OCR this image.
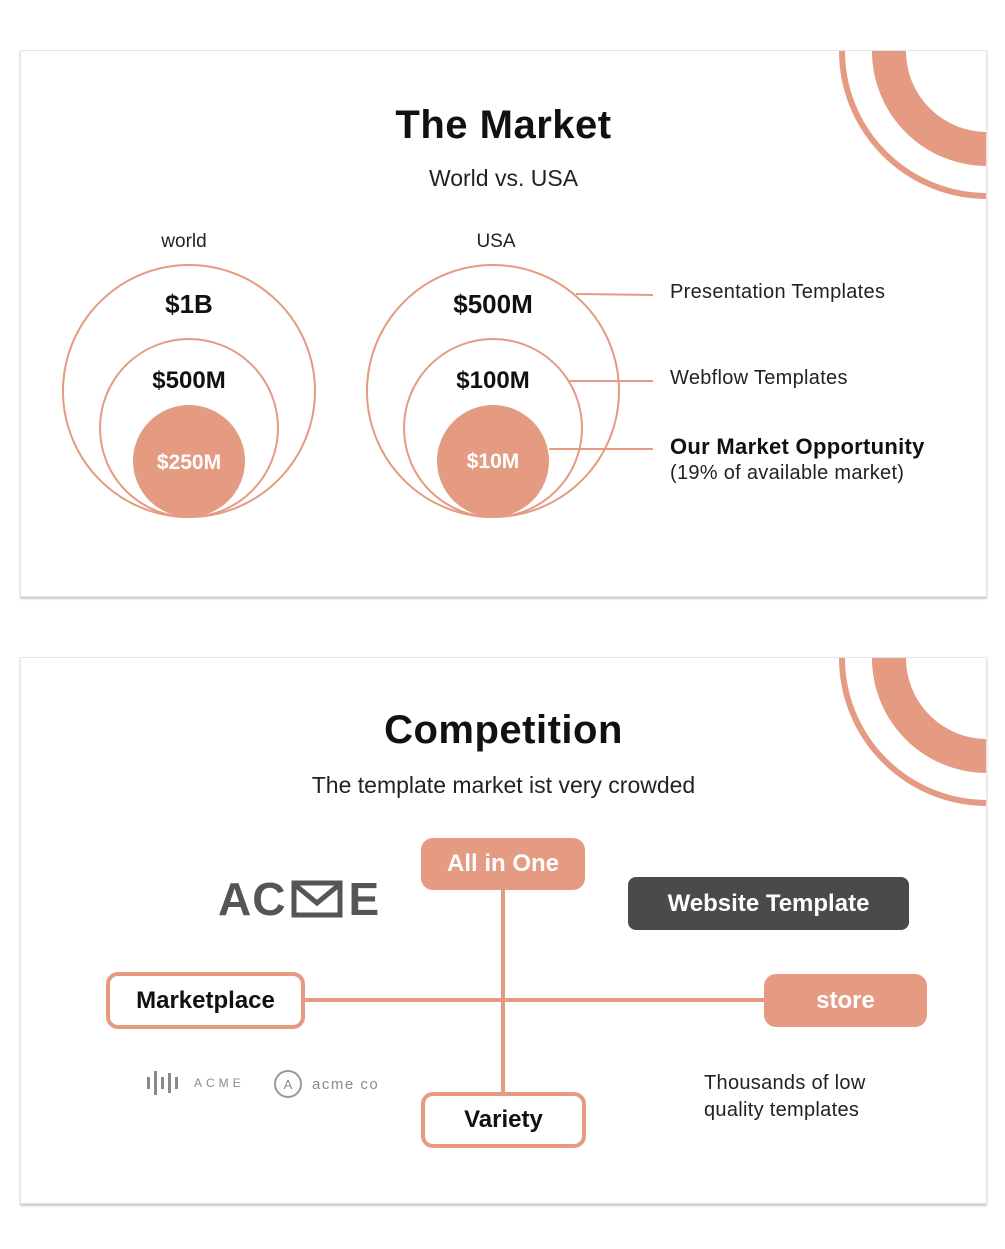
The Market
World vs. USA
world	USA
$1B
$500M
$250M
$500M
$100M
$10M
Presentation Templates
Webflow Templates
Our Market Opportunity
(19% of available market)
Competition
The template market ist very crowded
All in One
Variety
Marketplace	store
Website Template
AC E
ACME	A acme co	Thousands of low
quality templates
